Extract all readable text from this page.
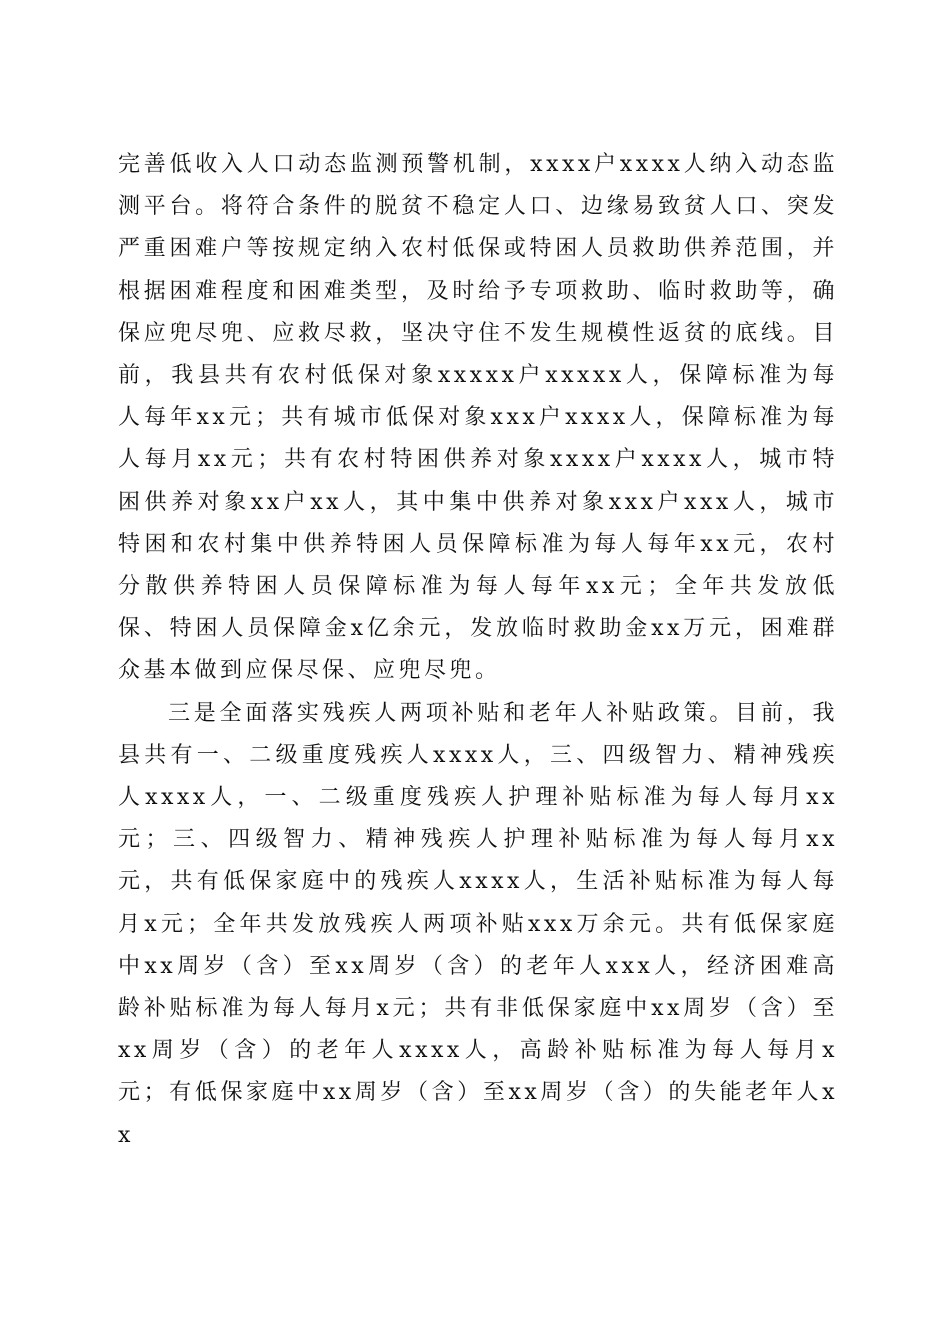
完善低收入人口动态监测预警机制，xxxx户xxxx人纳入动态监测平台。将符合条件的脱贫不稳定人口、边缘易致贫人口、突发严重困难户等按规定纳入农村低保或特困人员救助供养范围，并根据困难程度和困难类型，及时给予专项救助、临时救助等，确保应兜尽兜、应救尽救，坚决守住不发生规模性返贫的底线。目前，我县共有农村低保对象xxxxx户xxxxx人，保障标准为每人每年xx元；共有城市低保对象xxx户xxxx人，保障标准为每人每月xx元；共有农村特困供养对象xxxx户xxxx人，城市特困供养对象xx户xx人，其中集中供养对象xxx户xxx人，城市特困和农村集中供养特困人员保障标准为每人每年xx元，农村分散供养特困人员保障标准为每人每年xx元；全年共发放低保、特困人员保障金x亿余元，发放临时救助金xx万元，困难群众基本做到应保尽保、应兜尽兜。

三是全面落实残疾人两项补贴和老年人补贴政策。目前，我县共有一、二级重度残疾人xxxx人，三、四级智力、精神残疾人xxxx人，一、二级重度残疾人护理补贴标准为每人每月xx元；三、四级智力、精神残疾人护理补贴标准为每人每月xx元，共有低保家庭中的残疾人xxxx人，生活补贴标准为每人每月x元；全年共发放残疾人两项补贴xxx万余元。共有低保家庭中xx周岁（含）至xx周岁（含）的老年人xxx人，经济困难高龄补贴标准为每人每月x元；共有非低保家庭中xx周岁（含）至xx周岁（含）的老年人xxxx人，高龄补贴标准为每人每月x元；有低保家庭中xx周岁（含）至xx周岁（含）的失能老年人xx
